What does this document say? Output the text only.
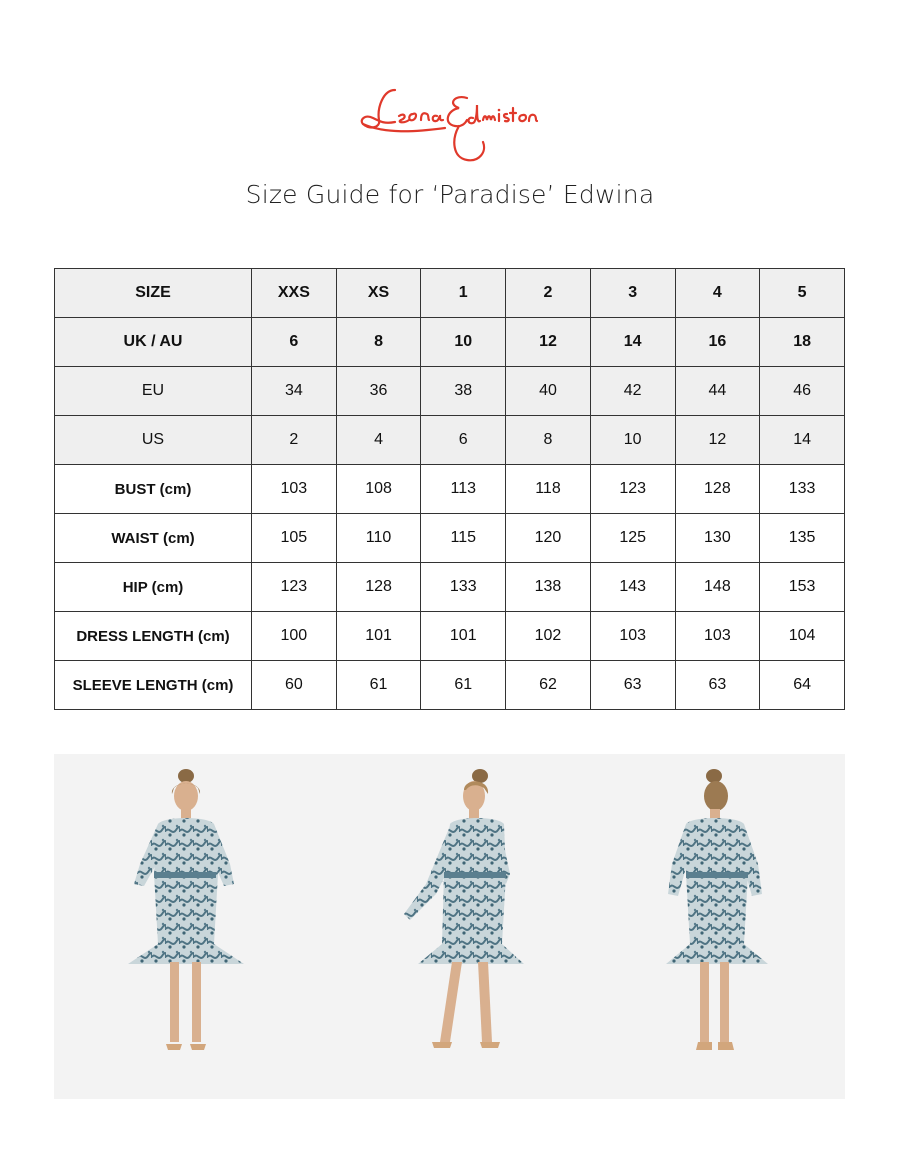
Size Guide for ‘Paradise’ Edwina
SIZE	XXS	XS	1	2	3	4	5
UK / AU	6	8	10	12	14	16	18
EU	34	36	38	40	42	44	46
US	2	4	6	8	10	12	14
BUST (cm)	103	108	113	118	123	128	133
WAIST (cm)	105	110	115	120	125	130	135
HIP (cm)	123	128	133	138	143	148	153
DRESS LENGTH (cm)	100	101	101	102	103	103	104
SLEEVE LENGTH (cm)	60	61	61	62	63	63	64
